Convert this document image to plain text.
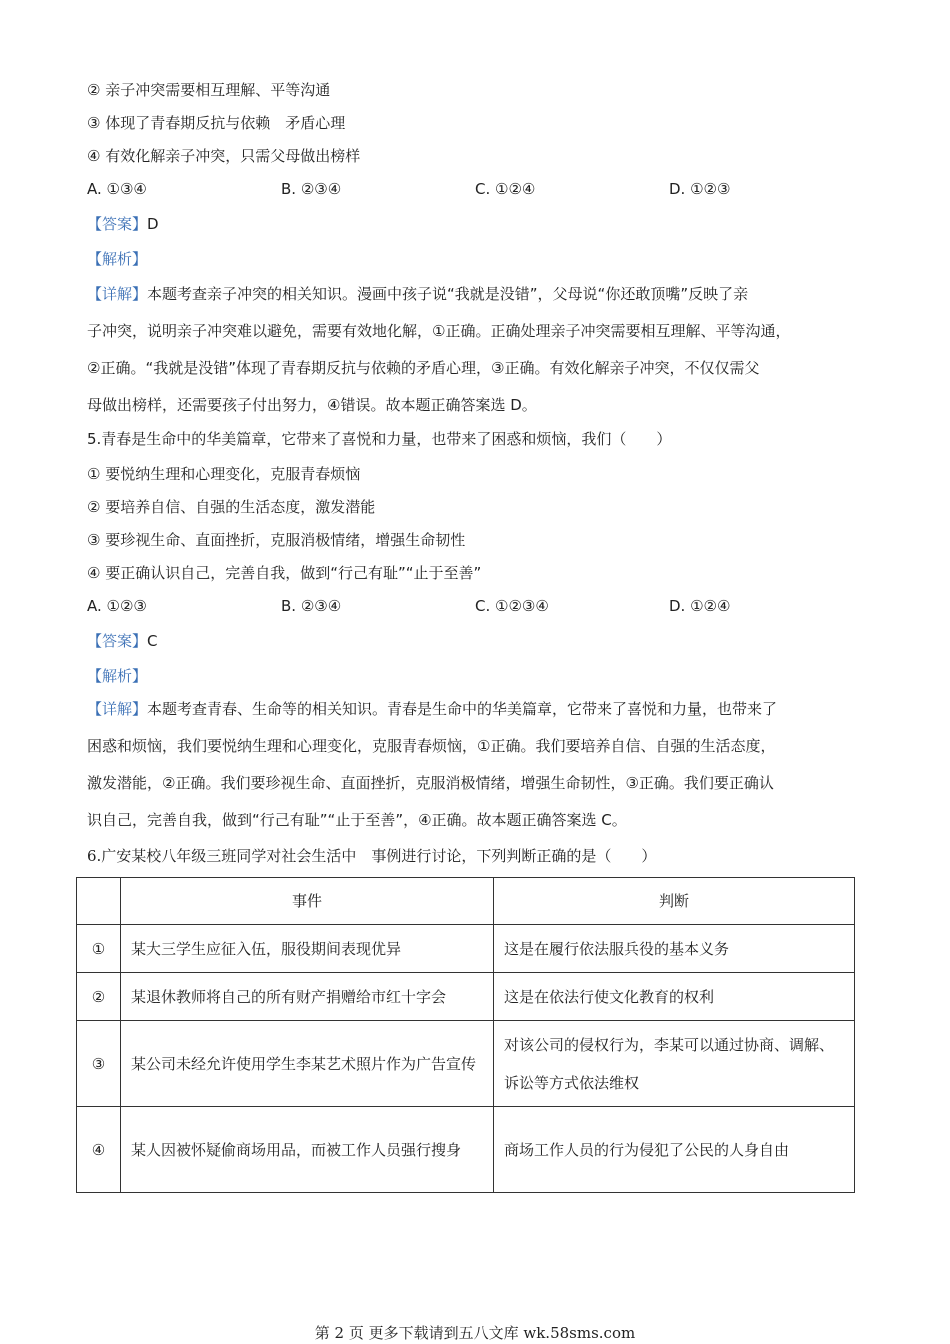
② 亲子冲突需要相互理解、平等沟通
③ 体现了青春期反抗与依赖　矛盾心理
④ 有效化解亲子冲突，只需父母做出榜样
A. ①③④	B. ②③④	C. ①②④	D. ①②③
【答案】D
【解析】
【详解】本题考查亲子冲突的相关知识。漫画中孩子说“我就是没错”，父母说“你还敢顶嘴”反映了亲
子冲突，说明亲子冲突难以避免，需要有效地化解，①正确。正确处理亲子冲突需要相互理解、平等沟通，
②正确。“我就是没错”体现了青春期反抗与依赖的矛盾心理，③正确。有效化解亲子冲突，不仅仅需父
母做出榜样，还需要孩子付出努力，④错误。故本题正确答案选 D。
5.青春是生命中的华美篇章，它带来了喜悦和力量，也带来了困惑和烦恼，我们（　　）
① 要悦纳生理和心理变化，克服青春烦恼
② 要培养自信、自强的生活态度，激发潜能
③ 要珍视生命、直面挫折，克服消极情绪，增强生命韧性
④ 要正确认识自己，完善自我，做到“行己有耻”“止于至善”
A. ①②③	B. ②③④	C. ①②③④	D. ①②④
【答案】C
【解析】
【详解】本题考查青春、生命等的相关知识。青春是生命中的华美篇章，它带来了喜悦和力量，也带来了
困惑和烦恼，我们要悦纳生理和心理变化，克服青春烦恼，①正确。我们要培养自信、自强的生活态度，
激发潜能，②正确。我们要珍视生命、直面挫折，克服消极情绪，增强生命韧性，③正确。我们要正确认
识自己，完善自我，做到“行己有耻”“止于至善”，④正确。故本题正确答案选 C。
6.广安某校八年级三班同学对社会生活中　事例进行讨论，下列判断正确的是（　　）
	事件	判断
①	某大三学生应征入伍，服役期间表现优异	这是在履行依法服兵役的基本义务
②	某退休教师将自己的所有财产捐赠给市红十字会	这是在依法行使文化教育的权利
③	某公司未经允许使用学生李某艺术照片作为广告宣传	对该公司的侵权行为，李某可以通过协商、调解、诉讼等方式依法维权
④	某人因被怀疑偷商场用品，而被工作人员强行搜身	商场工作人员的行为侵犯了公民的人身自由
第 2 页 更多下载请到五八文库 wk.58sms.com
